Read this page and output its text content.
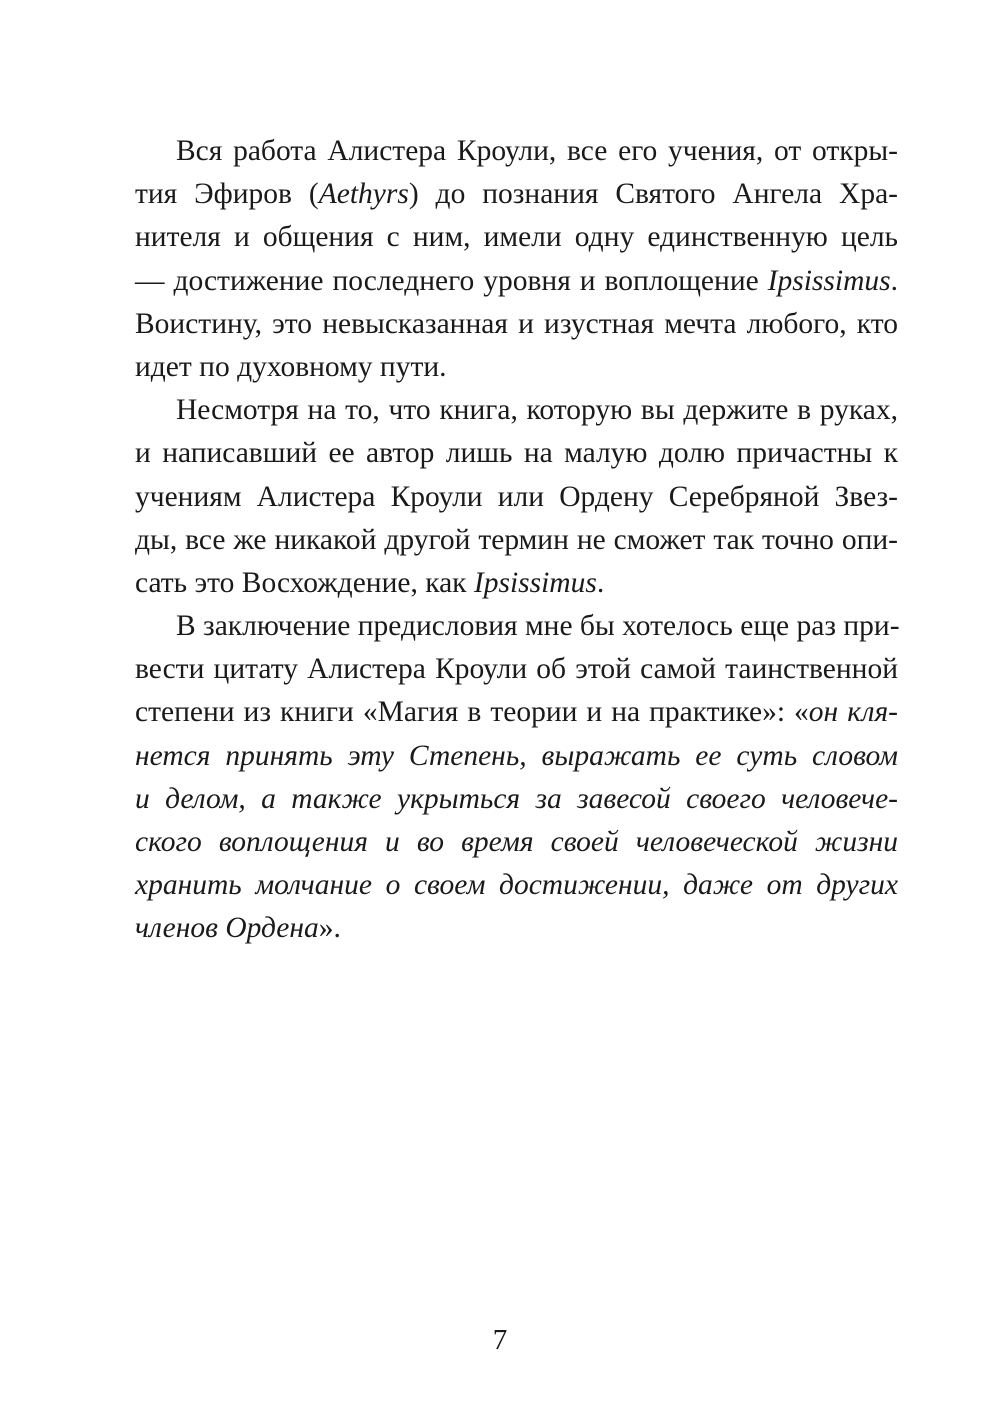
Вся работа Алистера Кроули, все его учения, от откры-
тия Эфиров (Aethyrs) до познания Святого Ангела Хра-
нителя и общения с ним, имели одну единственную цель
— достижение последнего уровня и воплощение Ipsissimus.
Воистину, это невысказанная и изустная мечта любого, кто
идет по духовному пути.
Несмотря на то, что книга, которую вы держите в руках,
и написавший ее автор лишь на малую долю причастны к
учениям Алистера Кроули или Ордену Серебряной Звез-
ды, все же никакой другой термин не сможет так точно опи-
сать это Восхождение, как Ipsissimus.
В заключение предисловия мне бы хотелось еще раз при-
вести цитату Алистера Кроули об этой самой таинственной
степени из книги «Магия в теории и на практике»: «он кля-
нется принять эту Степень, выражать ее суть словом
и делом, а также укрыться за завесой своего человече-
ского воплощения и во время своей человеческой жизни
хранить молчание о своем достижении, даже от других
членов Ордена».
7
